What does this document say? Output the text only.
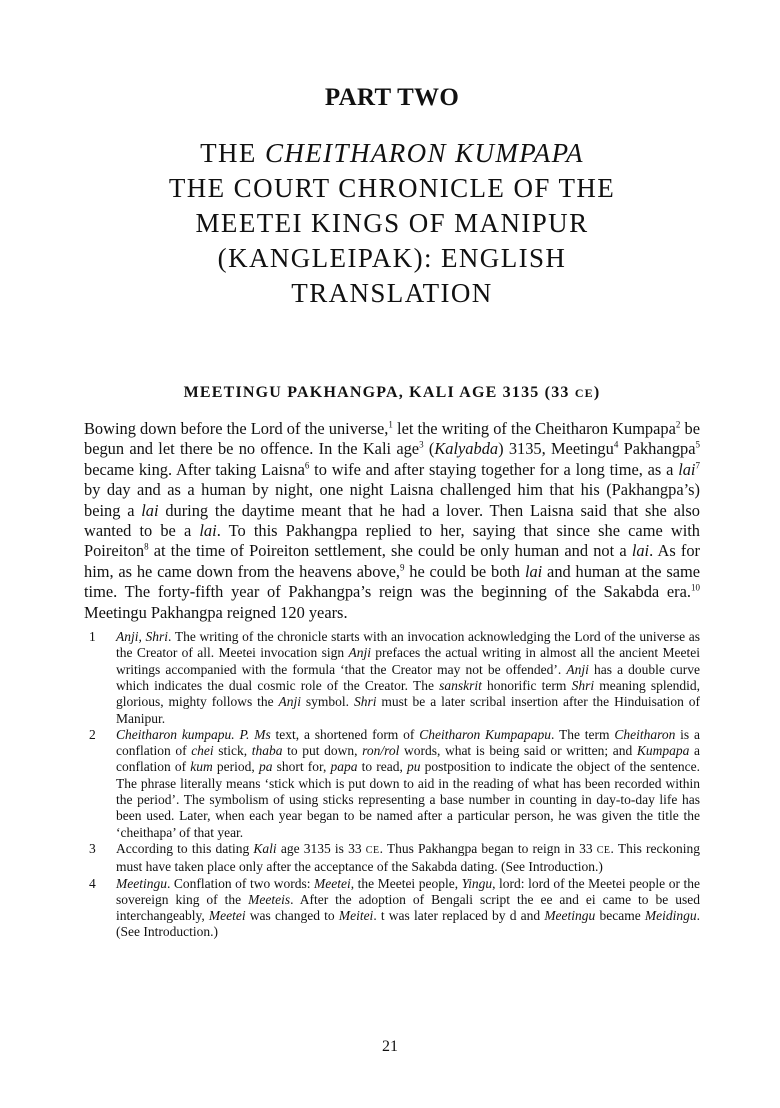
PART TWO
THE CHEITHARON KUMPAPA
THE COURT CHRONICLE OF THE
MEETEI KINGS OF MANIPUR
(KANGLEIPAK): ENGLISH
TRANSLATION
MEETINGU PAKHANGPA, KALI AGE 3135 (33 CE)

Bowing down before the Lord of the universe,$^1$ let the writing of the Cheitharon Kumpapa$^2$ be begun and let there be no offence. In the Kali age$^3$ (Kalyabda) 3135, Meetingu$^4$ Pakhangpa$^5$ became king. After taking Laisna$^6$ to wife and after staying together for a long time, as a lai$^7$ by day and as a human by night, one night Laisna challenged him that his (Pakhangpa’s) being a lai during the daytime meant that he had a lover. Then Laisna said that she also wanted to be a lai. To this Pakhangpa replied to her, saying that since she came with Poireiton$^8$ at the time of Poireiton settlement, she could be only human and not a lai. As for him, as he came down from the heavens above,$^9$ he could be both lai and human at the same time. The forty-fifth year of Pakhangpa’s reign was the beginning of the Sakabda era.$^{10}$ Meetingu Pakhangpa reigned 120 years.

1 Anji, Shri. The writing of the chronicle starts with an invocation acknowledging the Lord of the universe as the Creator of all. Meetei invocation sign Anji prefaces the actual writing in almost all the ancient Meetei writings accompanied with the formula ‘that the Creator may not be offended’. Anji has a double curve which indicates the dual cosmic role of the Creator. The sanskrit honorific term Shri meaning splendid, glorious, mighty follows the Anji symbol. Shri must be a later scribal insertion after the Hinduisation of Manipur.
2 Cheitharon kumpapu. P. Ms text, a shortened form of Cheitharon Kumpapapu. The term Cheitharon is a conflation of chei stick, thaba to put down, ron/rol words, what is being said or written; and Kumpapa a conflation of kum period, pa short for, papa to read, pu postposition to indicate the object of the sentence. The phrase literally means ‘stick which is put down to aid in the reading of what has been recorded within the period’. The symbolism of using sticks representing a base number in counting in day-to-day life has been used. Later, when each year began to be named after a particular person, he was given the title the ‘cheithapa’ of that year.
3 According to this dating Kali age 3135 is 33 CE. Thus Pakhangpa began to reign in 33 CE. This reckoning must have taken place only after the acceptance of the Sakabda dating. (See Introduction.)
4 Meetingu. Conflation of two words: Meetei, the Meetei people, Yingu, lord: lord of the Meetei people or the sovereign king of the Meeteis. After the adoption of Bengali script the ee and ei came to be used interchangeably, Meetei was changed to Meitei. t was later replaced by d and Meetingu became Meidingu. (See Introduction.)
21
